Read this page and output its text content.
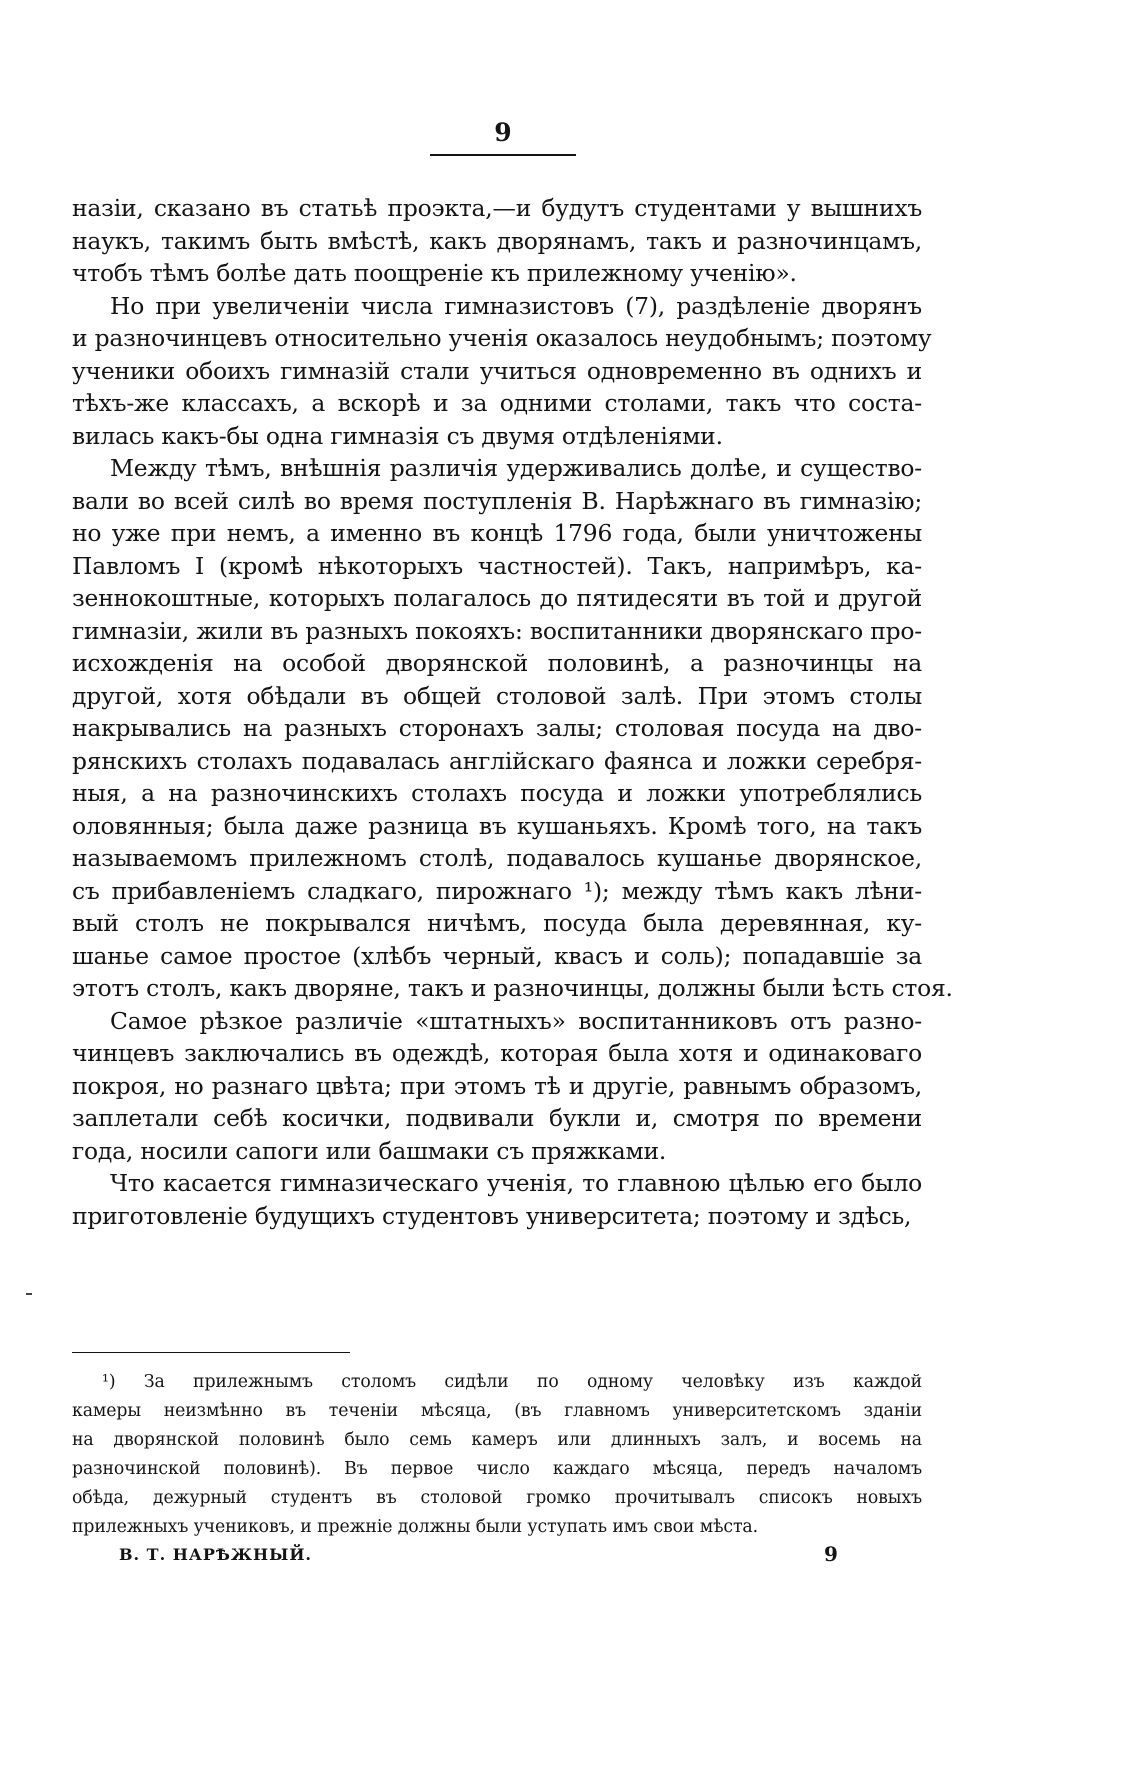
9

назіи, сказано въ статьѣ проэкта,—и будутъ студентами у вышнихъ
наукъ, такимъ быть вмѣстѣ, какъ дворянамъ, такъ и разночинцамъ,
чтобъ тѣмъ болѣе дать поощреніе къ прилежному ученію».

Но при увеличеніи числа гимназистовъ (7), раздѣленіе дворянъ
и разночинцевъ относительно ученія оказалось неудобнымъ; поэтому
ученики обоихъ гимназій стали учиться одновременно въ однихъ и
тѣхъ-же классахъ, а вскорѣ и за одними столами, такъ что соста-
вилась какъ-бы одна гимназія съ двумя отдѣленіями.

Между тѣмъ, внѣшнія различія удерживались долѣе, и существо-
вали во всей силѣ во время поступленія В. Нарѣжнаго въ гимназію;
но уже при немъ, а именно въ концѣ 1796 года, были уничтожены
Павломъ I (кромѣ нѣкоторыхъ частностей). Такъ, напримѣръ, ка-
зеннокоштные, которыхъ полагалось до пятидесяти въ той и другой
гимназіи, жили въ разныхъ покояхъ: воспитанники дворянскаго про-
исхожденія на особой дворянской половинѣ, а разночинцы на
другой, хотя обѣдали въ общей столовой залѣ. При этомъ столы
накрывались на разныхъ сторонахъ залы; столовая посуда на дво-
рянскихъ столахъ подавалась англійскаго фаянса и ложки серебря-
ныя, а на разночинскихъ столахъ посуда и ложки употреблялись
оловянныя; была даже разница въ кушаньяхъ. Кромѣ того, на такъ
называемомъ прилежномъ столѣ, подавалось кушанье дворянское,
съ прибавленіемъ сладкаго, пирожнаго ¹); между тѣмъ какъ лѣни-
вый столъ не покрывался ничѣмъ, посуда была деревянная, ку-
шанье самое простое (хлѣбъ черный, квасъ и соль); попадавшіе за
этотъ столъ, какъ дворяне, такъ и разночинцы, должны были ѣсть стоя.

Самое рѣзкое различіе «штатныхъ» воспитанниковъ отъ разно-
чинцевъ заключались въ одеждѣ, которая была хотя и одинаковаго
покроя, но разнаго цвѣта; при этомъ тѣ и другіе, равнымъ образомъ,
заплетали себѣ косички, подвивали букли и, смотря по времени
года, носили сапоги или башмаки съ пряжками.

Что касается гимназическаго ученія, то главною цѣлью его было
приготовленіе будущихъ студентовъ университета; поэтому и здѣсь,

¹) За прилежнымъ столомъ сидѣли по одному человѣку изъ каждой
камеры неизмѣнно въ теченіи мѣсяца, (въ главномъ университетскомъ зданіи
на дворянской половинѣ было семь камеръ или длинныхъ залъ, и восемь на
разночинской половинѣ). Въ первое число каждаго мѣсяца, передъ началомъ
обѣда, дежурный студентъ въ столовой громко прочитывалъ списокъ новыхъ
прилежныхъ учениковъ, и прежніе должны были уступать имъ свои мѣста.
В. Т. НАРѢЖНЫЙ.	9
